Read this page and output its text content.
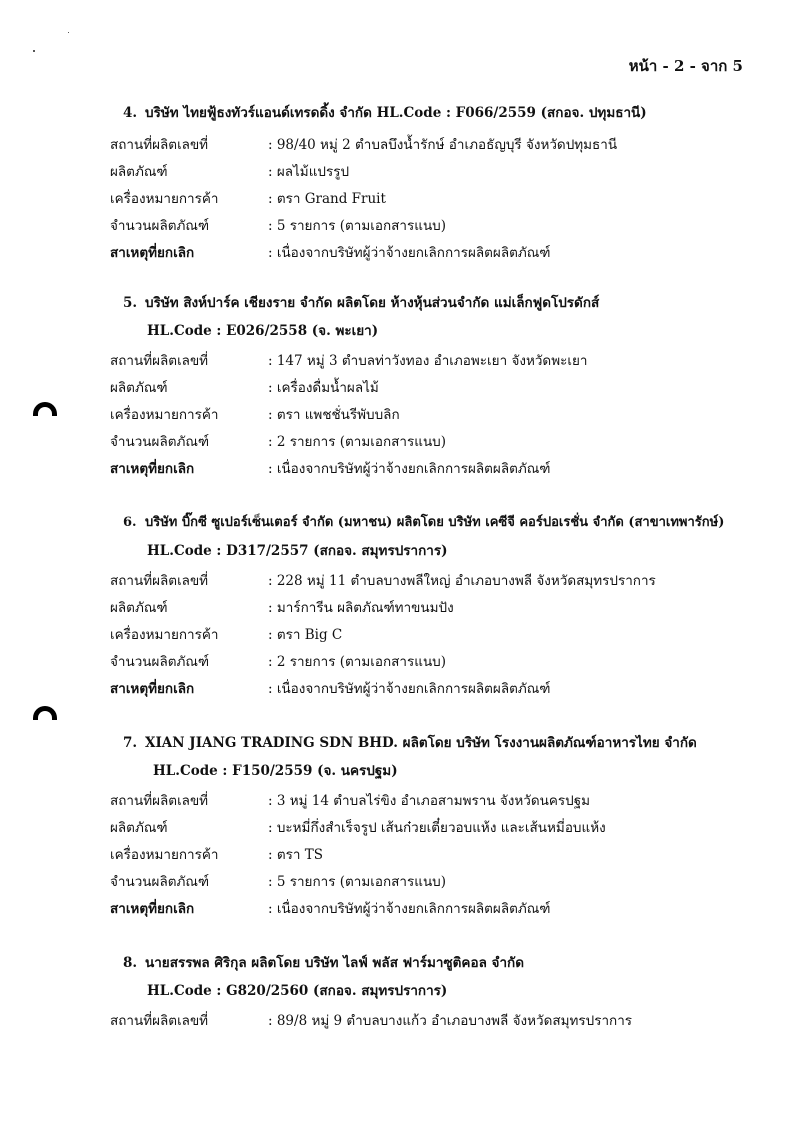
หน้า - 2 - จาก 5
4. บริษัท ไทยฟู้ธงทัวร์แอนด์เทรดดิ้ง จำกัด HL.Code : F066/2559 (สกอจ. ปทุมธานี)
สถานที่ผลิตเลขที่	: 98/40 หมู่ 2 ตำบลบึงน้ำรักษ์ อำเภอธัญบุรี จังหวัดปทุมธานี
ผลิตภัณฑ์	: ผลไม้แปรรูป
เครื่องหมายการค้า	: ตรา Grand Fruit
จำนวนผลิตภัณฑ์	: 5 รายการ (ตามเอกสารแนบ)
สาเหตุที่ยกเลิก	: เนื่องจากบริษัทผู้ว่าจ้างยกเลิกการผลิตผลิตภัณฑ์
5. บริษัท สิงห์ปาร์ค เชียงราย จำกัด ผลิตโดย ห้างหุ้นส่วนจำกัด แม่เล็กฟูดโปรดักส์
HL.Code : E026/2558 (จ. พะเยา)
สถานที่ผลิตเลขที่	: 147 หมู่ 3 ตำบลท่าวังทอง อำเภอพะเยา จังหวัดพะเยา
ผลิตภัณฑ์	: เครื่องดื่มน้ำผลไม้
เครื่องหมายการค้า	: ตรา แพชชั่นรีพับบลิก
จำนวนผลิตภัณฑ์	: 2 รายการ (ตามเอกสารแนบ)
สาเหตุที่ยกเลิก	: เนื่องจากบริษัทผู้ว่าจ้างยกเลิกการผลิตผลิตภัณฑ์
6. บริษัท บิ๊กซี ซูเปอร์เซ็นเตอร์ จำกัด (มหาชน) ผลิตโดย บริษัท เคซีจี คอร์ปอเรชั่น จำกัด (สาขาเทพารักษ์)
HL.Code : D317/2557 (สกอจ. สมุทรปราการ)
สถานที่ผลิตเลขที่	: 228 หมู่ 11 ตำบลบางพลีใหญ่ อำเภอบางพลี จังหวัดสมุทรปราการ
ผลิตภัณฑ์	: มาร์การีน ผลิตภัณฑ์ทาขนมปัง
เครื่องหมายการค้า	: ตรา Big C
จำนวนผลิตภัณฑ์	: 2 รายการ (ตามเอกสารแนบ)
สาเหตุที่ยกเลิก	: เนื่องจากบริษัทผู้ว่าจ้างยกเลิกการผลิตผลิตภัณฑ์
7. XIAN JIANG TRADING SDN BHD. ผลิตโดย บริษัท โรงงานผลิตภัณฑ์อาหารไทย จำกัด
HL.Code : F150/2559 (จ. นครปฐม)
สถานที่ผลิตเลขที่	: 3 หมู่ 14 ตำบลไร่ขิง อำเภอสามพราน จังหวัดนครปฐม
ผลิตภัณฑ์	: บะหมี่กึ่งสำเร็จรูป เส้นก๋วยเตี๋ยวอบแห้ง และเส้นหมี่อบแห้ง
เครื่องหมายการค้า	: ตรา TS
จำนวนผลิตภัณฑ์	: 5 รายการ (ตามเอกสารแนบ)
สาเหตุที่ยกเลิก	: เนื่องจากบริษัทผู้ว่าจ้างยกเลิกการผลิตผลิตภัณฑ์
8. นายสรรพล ศิริกุล ผลิตโดย บริษัท ไลฟ์ พลัส ฟาร์มาซูติคอล จำกัด
HL.Code : G820/2560 (สกอจ. สมุทรปราการ)
สถานที่ผลิตเลขที่	: 89/8 หมู่ 9 ตำบลบางแก้ว อำเภอบางพลี จังหวัดสมุทรปราการ
